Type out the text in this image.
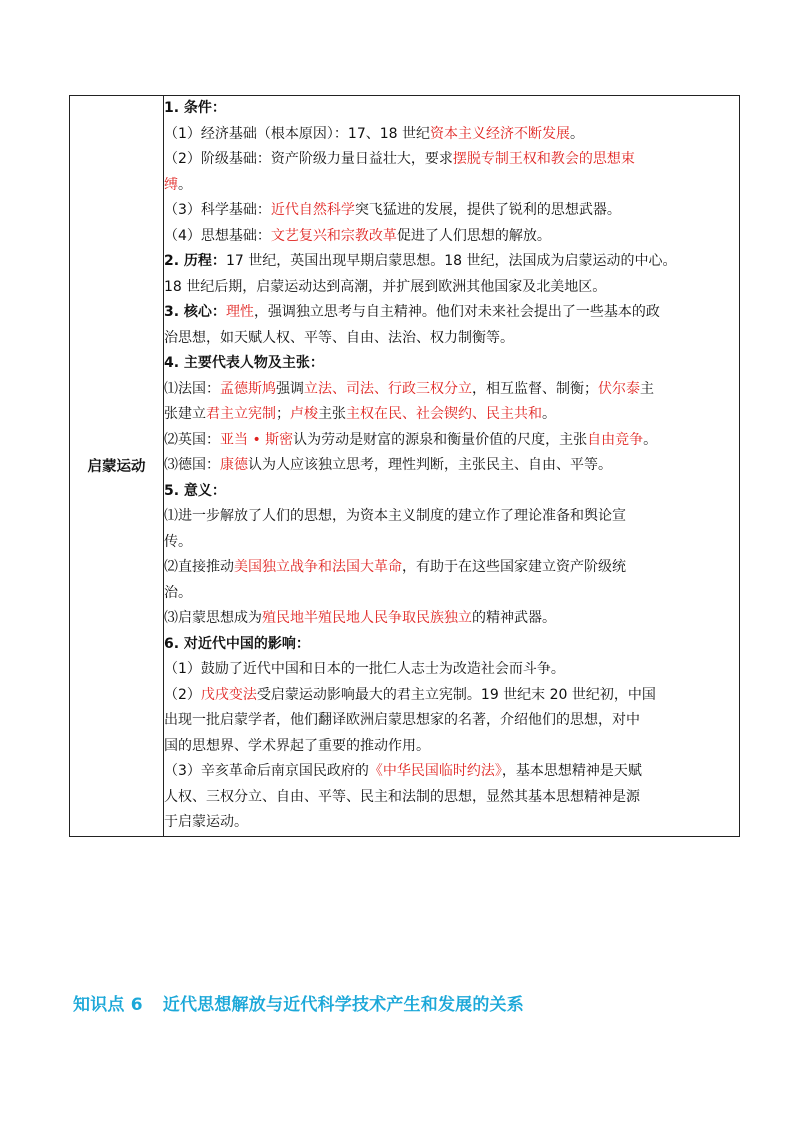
启蒙运动	
1. 条件：
（1）经济基础（根本原因）：17、18 世纪资本主义经济不断发展。
（2）阶级基础：资产阶级力量日益壮大，要求摆脱专制王权和教会的思想束
缚。
（3）科学基础：近代自然科学突飞猛进的发展，提供了锐利的思想武器。
（4）思想基础：文艺复兴和宗教改革促进了人们思想的解放。
2. 历程：17 世纪，英国出现早期启蒙思想。18 世纪，法国成为启蒙运动的中心。
18 世纪后期，启蒙运动达到高潮，并扩展到欧洲其他国家及北美地区。
3. 核心：理性，强调独立思考与自主精神。他们对未来社会提出了一些基本的政
治思想，如天赋人权、平等、自由、法治、权力制衡等。
4. 主要代表人物及主张：
⑴法国：孟德斯鸠强调立法、司法、行政三权分立，相互监督、制衡；伏尔泰主
张建立君主立宪制；卢梭主张主权在民、社会锲约、民主共和。
⑵英国：亚当 • 斯密认为劳动是财富的源泉和衡量价值的尺度，主张自由竞争。
⑶德国：康德认为人应该独立思考，理性判断，主张民主、自由、平等。
5. 意义：
⑴进一步解放了人们的思想，为资本主义制度的建立作了理论准备和舆论宣
传。
⑵直接推动美国独立战争和法国大革命，有助于在这些国家建立资产阶级统
治。
⑶启蒙思想成为殖民地半殖民地人民争取民族独立的精神武器。
6. 对近代中国的影响：
（1）鼓励了近代中国和日本的一批仁人志士为改造社会而斗争。
（2）戊戌变法受启蒙运动影响最大的君主立宪制。19 世纪末 20 世纪初，中国
出现一批启蒙学者，他们翻译欧洲启蒙思想家的名著，介绍他们的思想，对中
国的思想界、学术界起了重要的推动作用。
（3）辛亥革命后南京国民政府的《中华民国临时约法》，基本思想精神是天赋
人权、三权分立、自由、平等、民主和法制的思想，显然其基本思想精神是源
于启蒙运动。
知识点 6 近代思想解放与近代科学技术产生和发展的关系
